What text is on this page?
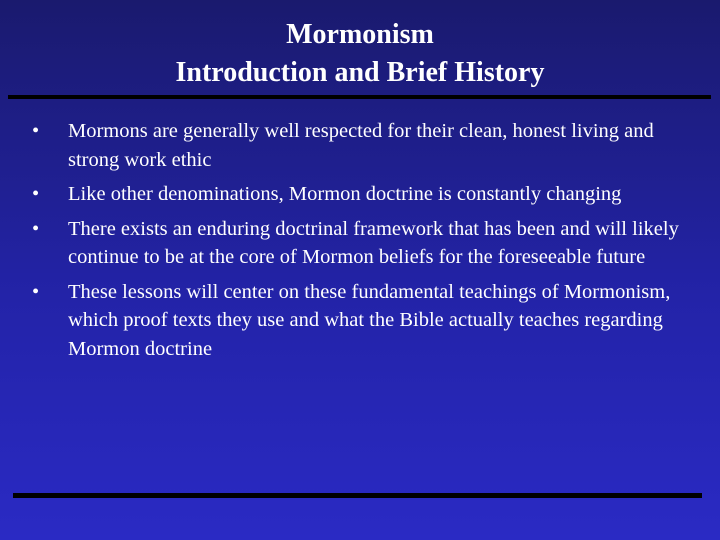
Mormonism
Introduction and Brief History
•	Mormons are generally well respected for their clean, honest living and strong work ethic
•	Like other denominations, Mormon doctrine is constantly changing
•	There exists an enduring doctrinal framework that has been and will likely continue to be at the core of Mormon beliefs for the foreseeable future
•	These lessons will center on these fundamental teachings of Mormonism, which proof texts they use and what the Bible actually teaches regarding Mormon doctrine
